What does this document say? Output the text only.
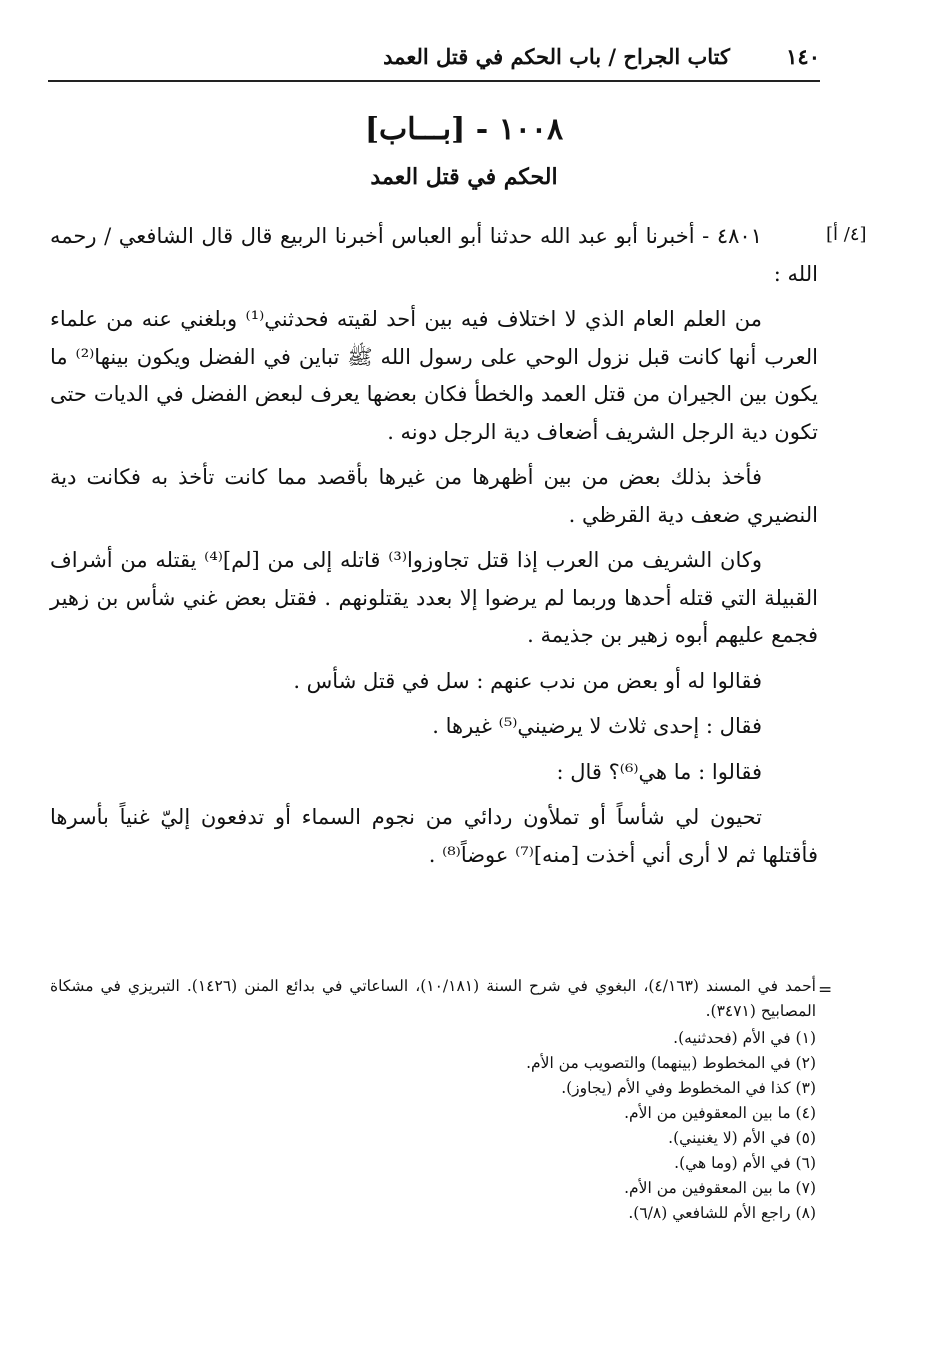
١٤٠
كتاب الجراح / باب الحكم في قتل العمد
١٠٠٨ - [بـــاب]
الحكم في قتل العمد
[٤/ أ]

٤٨٠١ - أخبرنا أبو عبد الله حدثنا أبو العباس أخبرنا الربيع قال قال الشافعي / رحمه الله :

من العلم العام الذي لا اختلاف فيه بين أحد لقيته فحدثني⁽¹⁾ وبلغني عنه من علماء العرب أنها كانت قبل نزول الوحي على رسول الله ﷺ تباين في الفضل ويكون بينها⁽²⁾ ما يكون بين الجيران من قتل العمد والخطأ فكان بعضها يعرف لبعض الفضل في الديات حتى تكون دية الرجل الشريف أضعاف دية الرجل دونه .

فأخذ بذلك بعض من بين أظهرها من غيرها بأقصد مما كانت تأخذ به فكانت دية النضيري ضعف دية القرظي .

وكان الشريف من العرب إذا قتل تجاوزوا⁽³⁾ قاتله إلى من [لم]⁽⁴⁾ يقتله من أشراف القبيلة التي قتله أحدها وربما لم يرضوا إلا بعدد يقتلونهم . فقتل بعض غني شأس بن زهير فجمع عليهم أبوه زهير بن جذيمة .

فقالوا له أو بعض من ندب عنهم : سل في قتل شأس .

فقال : إحدى ثلاث لا يرضيني⁽⁵⁾ غيرها .

فقالوا : ما هي⁽⁶⁾؟ قال :

تحيون لي شأساً أو تملأون ردائي من نجوم السماء أو تدفعون إليّ غنياً بأسرها فأقتلها ثم لا أرى أني أخذت [منه]⁽⁷⁾ عوضاً⁽⁸⁾ .

=
أحمد في المسند (٤/١٦٣)، البغوي في شرح السنة (١٠/١٨١)، الساعاتي في بدائع المنن (١٤٢٦). التبريزي في مشكاة المصابيح (٣٤٧١).
(١) في الأم (فحدثنيه).
(٢) في المخطوط (بينهما) والتصويب من الأم.
(٣) كذا في المخطوط وفي الأم (يجاوز).
(٤) ما بين المعقوفين من الأم.
(٥) في الأم (لا يغنيني).
(٦) في الأم (وما هي).
(٧) ما بين المعقوفين من الأم.
(٨) راجع الأم للشافعي (٦/٨).
